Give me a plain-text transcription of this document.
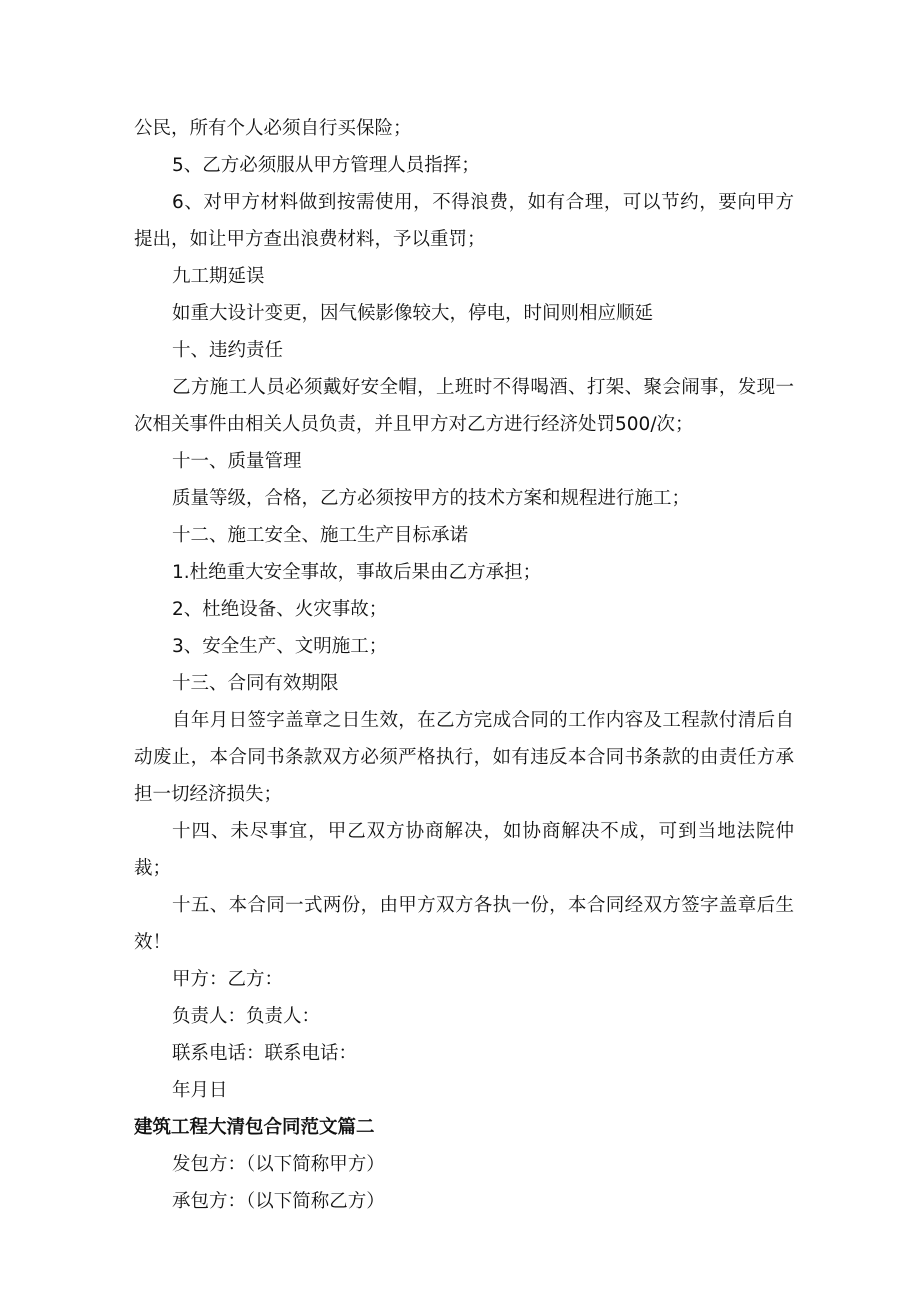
公民，所有个人必须自行买保险；

5、乙方必须服从甲方管理人员指挥；

6、对甲方材料做到按需使用，不得浪费，如有合理，可以节约，要向甲方提出，如让甲方查出浪费材料，予以重罚；

九工期延误

如重大设计变更，因气候影像较大，停电，时间则相应顺延

十、违约责任

乙方施工人员必须戴好安全帽，上班时不得喝酒、打架、聚会闹事，发现一次相关事件由相关人员负责，并且甲方对乙方进行经济处罚500/次；

十一、质量管理

质量等级，合格，乙方必须按甲方的技术方案和规程进行施工；

十二、施工安全、施工生产目标承诺

1.杜绝重大安全事故，事故后果由乙方承担；

2、杜绝设备、火灾事故；

3、安全生产、文明施工；

十三、合同有效期限

自年月日签字盖章之日生效，在乙方完成合同的工作内容及工程款付清后自动废止，本合同书条款双方必须严格执行，如有违反本合同书条款的由责任方承担一切经济损失；

十四、未尽事宜，甲乙双方协商解决，如协商解决不成，可到当地法院仲裁；

十五、本合同一式两份，由甲方双方各执一份，本合同经双方签字盖章后生效！

甲方：乙方：

负责人：负责人：

联系电话：联系电话：

年月日

建筑工程大清包合同范文篇二

发包方：（以下简称甲方）

承包方：（以下简称乙方）
